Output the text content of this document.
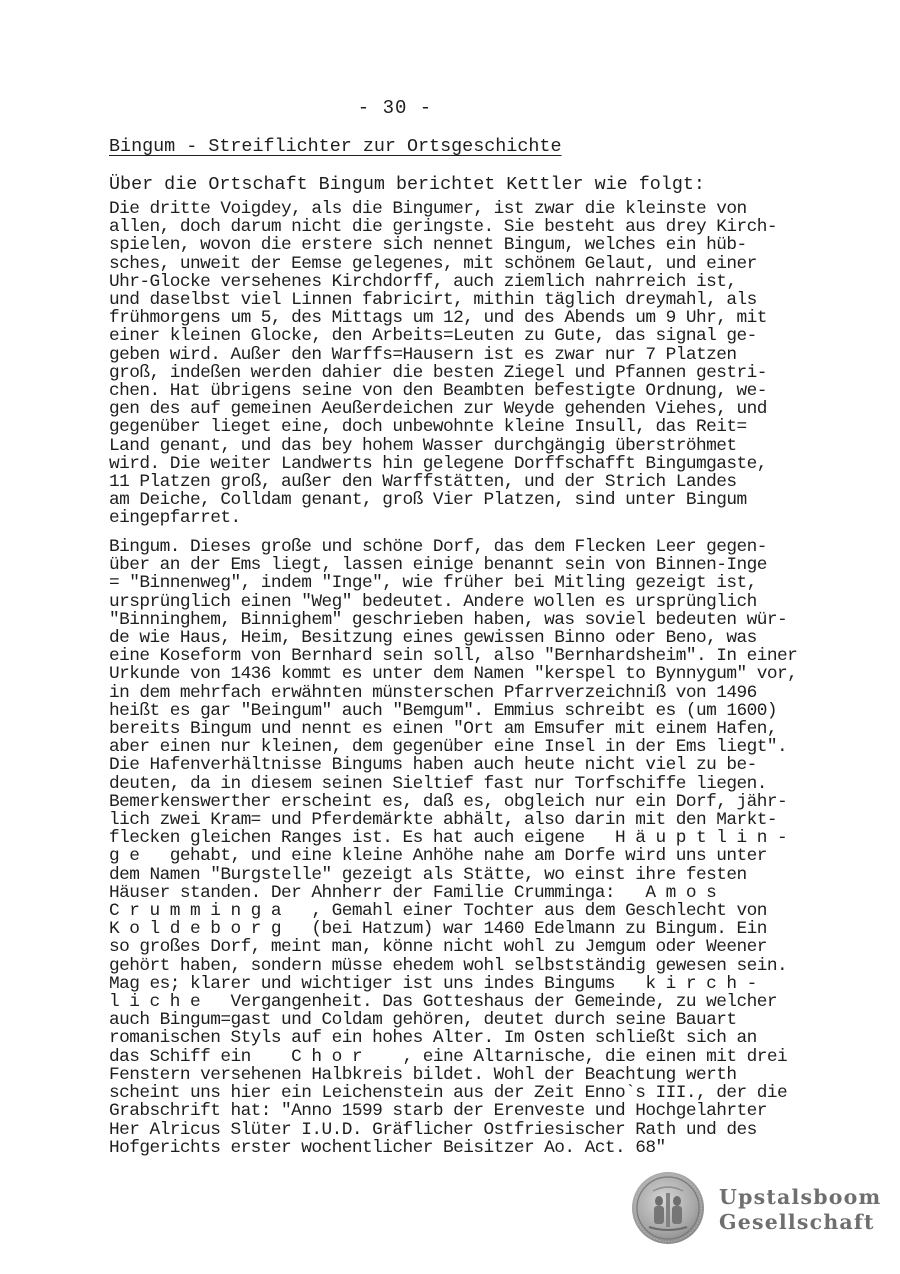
- 30 -
Bingum - Streiflichter zur Ortsgeschichte
Über die Ortschaft Bingum berichtet Kettler wie folgt:
Die dritte Voigdey, als die Bingumer, ist zwar die kleinste von
allen, doch darum nicht die geringste. Sie besteht aus drey Kirch-
spielen, wovon die erstere sich nennet Bingum, welches ein hüb-
sches, unweit der Eemse gelegenes, mit schönem Gelaut, und einer
Uhr-Glocke versehenes Kirchdorff, auch ziemlich nahrreich ist,
und daselbst viel Linnen fabricirt, mithin täglich dreymahl, als
frühmorgens um 5, des Mittags um 12, und des Abends um 9 Uhr, mit
einer kleinen Glocke, den Arbeits=Leuten zu Gute, das signal ge-
geben wird. Außer den Warffs=Hausern ist es zwar nur 7 Platzen
groß, indeßen werden dahier die besten Ziegel und Pfannen gestri-
chen. Hat übrigens seine von den Beambten befestigte Ordnung, we-
gen des auf gemeinen Aeußerdeichen zur Weyde gehenden Viehes, und
gegenüber lieget eine, doch unbewohnte kleine Insull, das Reit=
Land genant, und das bey hohem Wasser durchgängig überströhmet
wird. Die weiter Landwerts hin gelegene Dorffschafft Bingumgaste,
11 Platzen groß, außer den Warffstätten, und der Strich Landes
am Deiche, Colldam genant, groß Vier Platzen, sind unter Bingum
eingepfarret.
Bingum. Dieses große und schöne Dorf, das dem Flecken Leer gegen-
über an der Ems liegt, lassen einige benannt sein von Binnen-Inge
= "Binnenweg", indem "Inge", wie früher bei Mitling gezeigt ist,
ursprünglich einen "Weg" bedeutet. Andere wollen es ursprünglich
"Binninghem, Binnighem" geschrieben haben, was soviel bedeuten wür-
de wie Haus, Heim, Besitzung eines gewissen Binno oder Beno, was
eine Koseform von Bernhard sein soll, also "Bernhardsheim". In einer
Urkunde von 1436 kommt es unter dem Namen "kerspel to Bynnygum" vor,
in dem mehrfach erwähnten münsterschen Pfarrverzeichniß von 1496
heißt es gar "Beingum" auch "Bemgum". Emmius schreibt es (um 1600)
bereits Bingum und nennt es einen "Ort am Emsufer mit einem Hafen,
aber einen nur kleinen, dem gegenüber eine Insel in der Ems liegt".
Die Hafenverhältnisse Bingums haben auch heute nicht viel zu be-
deuten, da in diesem seinen Sieltief fast nur Torfschiffe liegen.
Bemerkenswerther erscheint es, daß es, obgleich nur ein Dorf, jähr-
lich zwei Kram= und Pferdemärkte abhält, also darin mit den Markt-
flecken gleichen Ranges ist. Es hat auch eigene   H ä u p t l i n -
g e   gehabt, und eine kleine Anhöhe nahe am Dorfe wird uns unter
dem Namen "Burgstelle" gezeigt als Stätte, wo einst ihre festen
Häuser standen. Der Ahnherr der Familie Crumminga:   A m o s
C r u m m i n g a   , Gemahl einer Tochter aus dem Geschlecht von
K o l d e b o r g   (bei Hatzum) war 1460 Edelmann zu Bingum. Ein
so großes Dorf, meint man, könne nicht wohl zu Jemgum oder Weener
gehört haben, sondern müsse ehedem wohl selbstständig gewesen sein.
Mag es; klarer und wichtiger ist uns indes Bingums   k i r c h -
l i c h e   Vergangenheit. Das Gotteshaus der Gemeinde, zu welcher
auch Bingum=gast und Coldam gehören, deutet durch seine Bauart
romanischen Styls auf ein hohes Alter. Im Osten schließt sich an
das Schiff ein    C h o r    , eine Altarnische, die einen mit drei
Fenstern versehenen Halbkreis bildet. Wohl der Beachtung werth
scheint uns hier ein Leichenstein aus der Zeit Enno`s III., der die
Grabschrift hat: "Anno 1599 starb der Erenveste und Hochgelahrter
Her Alricus Slüter I.U.D. Gräflicher Ostfriesischer Rath und des
Hofgerichts erster wochentlicher Beisitzer Ao. Act. 68"
Upstalsboom
Gesellschaft
